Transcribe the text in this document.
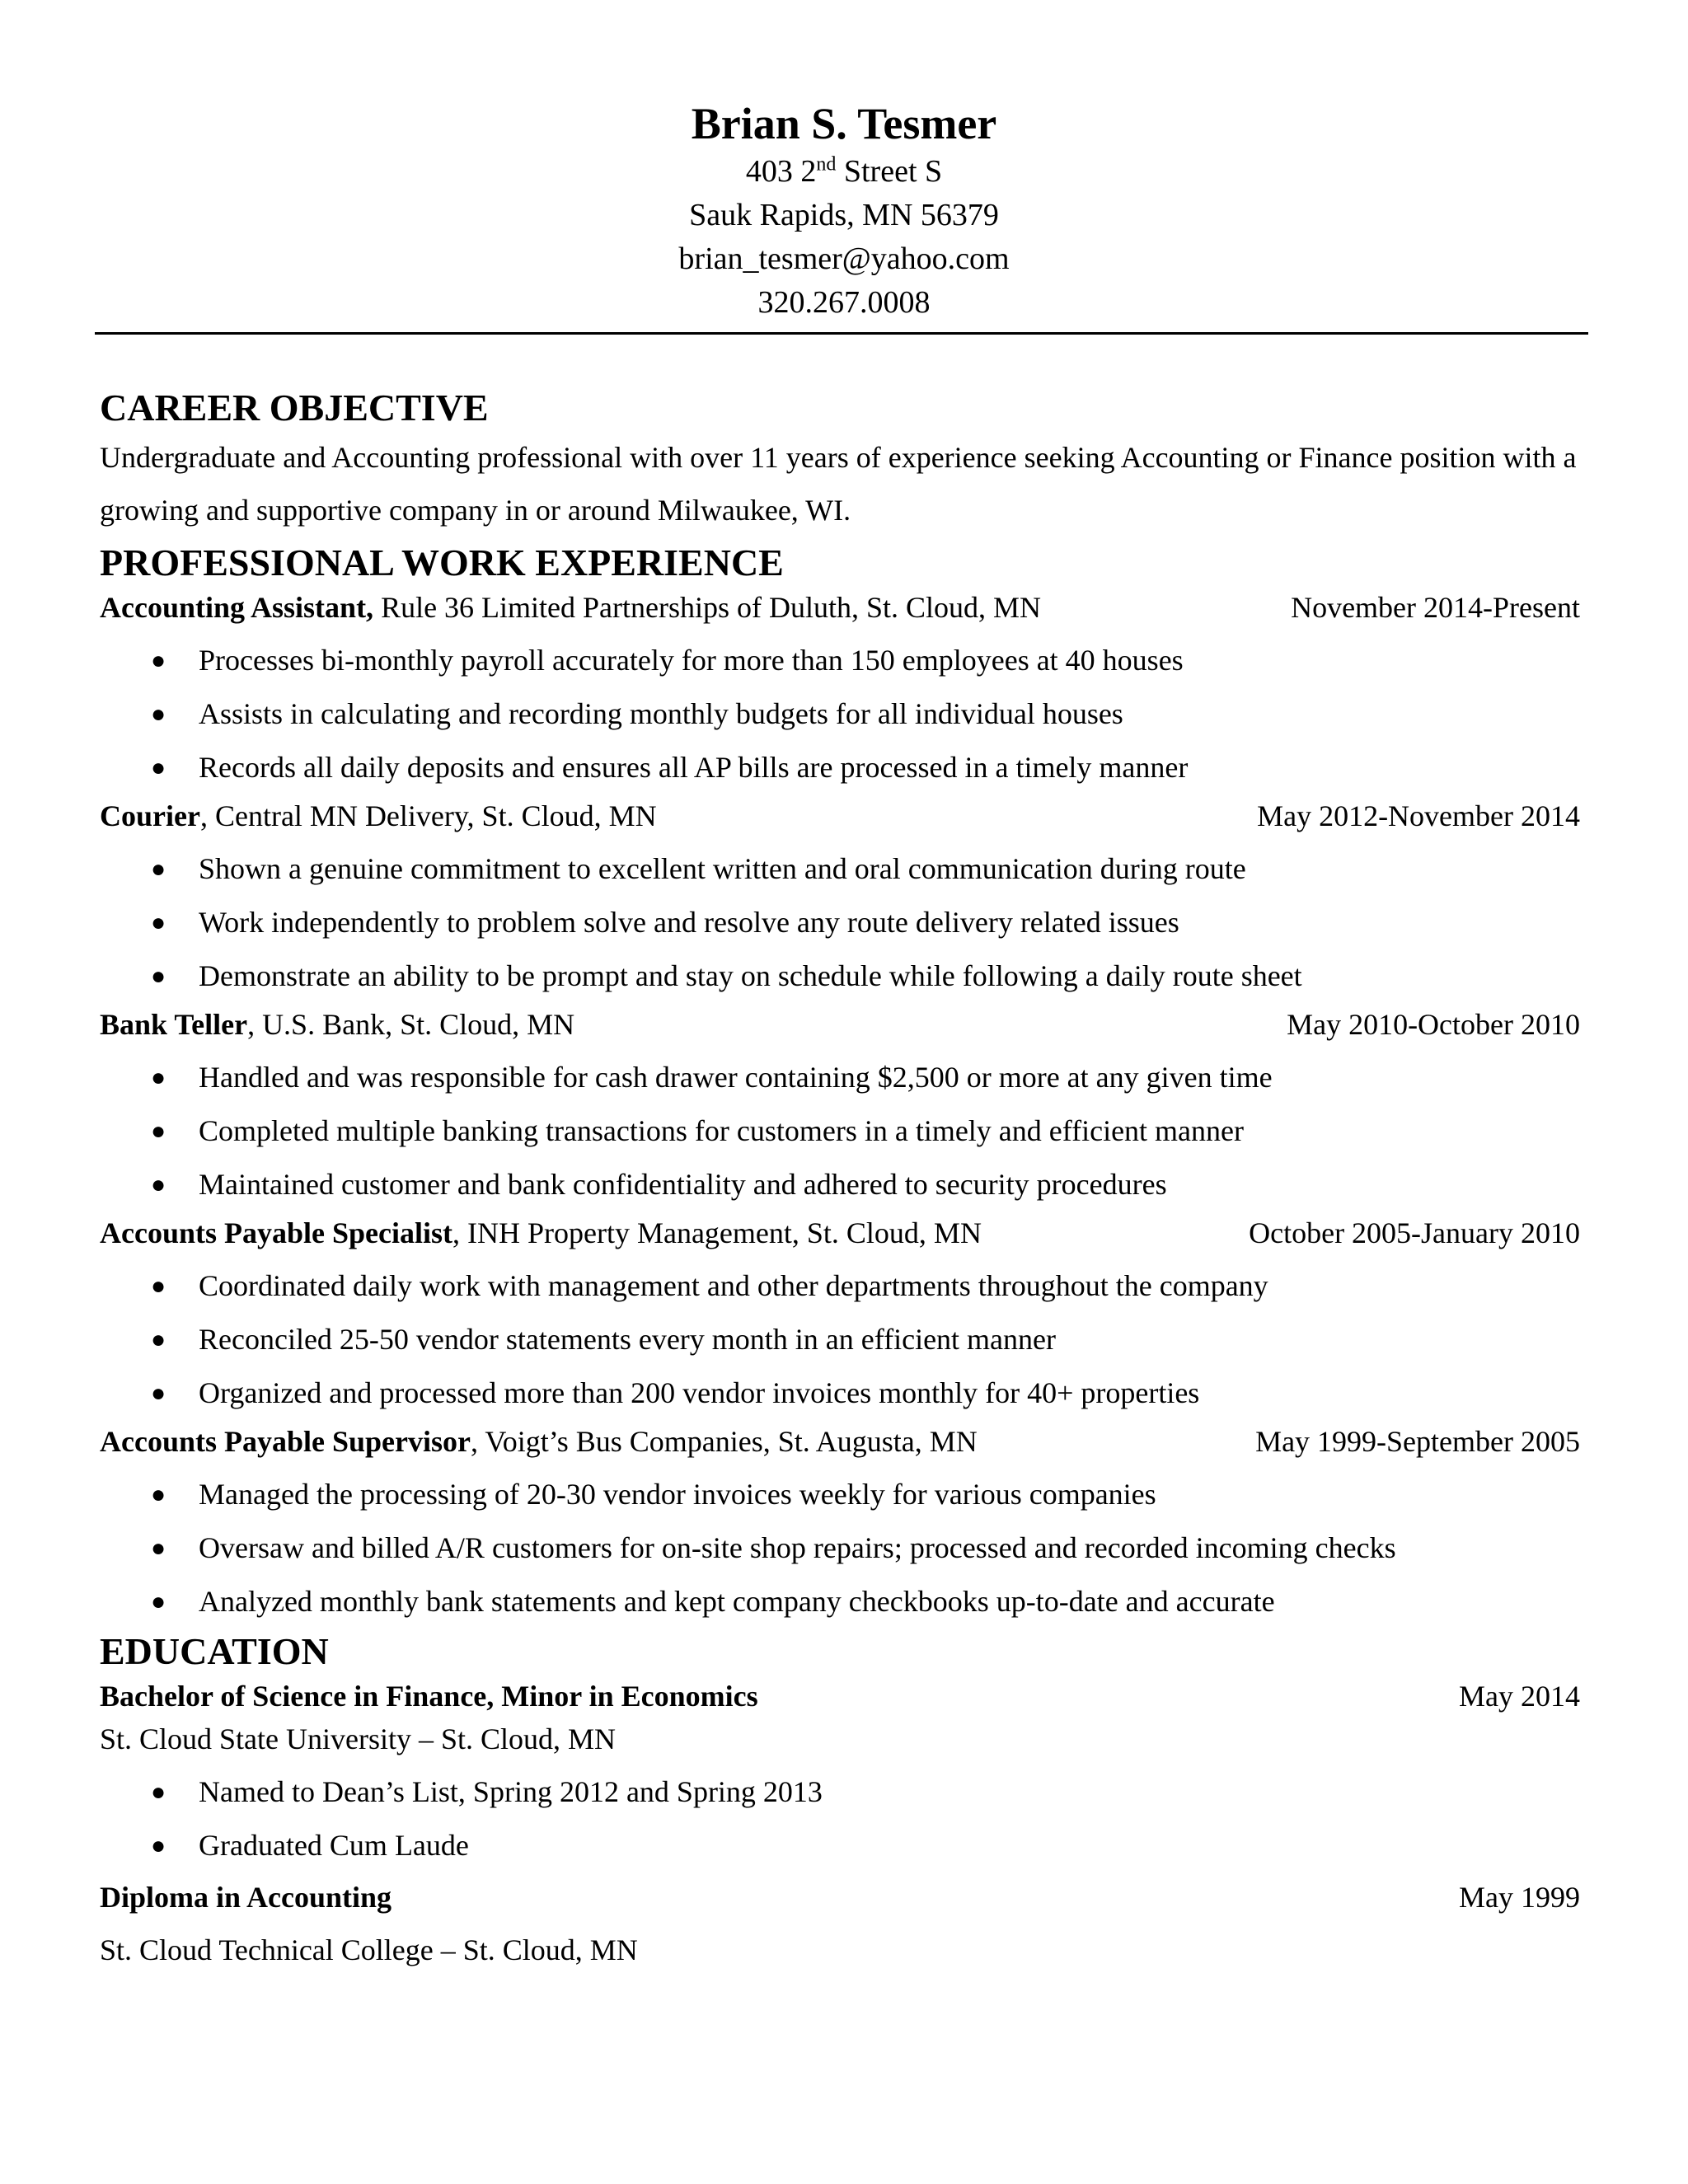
Brian S. Tesmer
403 2nd Street S
Sauk Rapids, MN 56379
brian_tesmer@yahoo.com
320.267.0008
CAREER OBJECTIVE

Undergraduate and Accounting professional with over 11 years of experience seeking Accounting or Finance position with a growing and supportive company in or around Milwaukee, WI.

PROFESSIONAL WORK EXPERIENCE
Accounting Assistant, Rule 36 Limited Partnerships of Duluth, St. Cloud, MN	November 2014-Present
● Processes bi-monthly payroll accurately for more than 150 employees at 40 houses
● Assists in calculating and recording monthly budgets for all individual houses
● Records all daily deposits and ensures all AP bills are processed in a timely manner
Courier, Central MN Delivery, St. Cloud, MN	May 2012-November 2014
● Shown a genuine commitment to excellent written and oral communication during route
● Work independently to problem solve and resolve any route delivery related issues
● Demonstrate an ability to be prompt and stay on schedule while following a daily route sheet
Bank Teller, U.S. Bank, St. Cloud, MN	May 2010-October 2010
● Handled and was responsible for cash drawer containing $2,500 or more at any given time
● Completed multiple banking transactions for customers in a timely and efficient manner
● Maintained customer and bank confidentiality and adhered to security procedures
Accounts Payable Specialist, INH Property Management, St. Cloud, MN	October 2005-January 2010
● Coordinated daily work with management and other departments throughout the company
● Reconciled 25-50 vendor statements every month in an efficient manner
● Organized and processed more than 200 vendor invoices monthly for 40+ properties
Accounts Payable Supervisor, Voigt’s Bus Companies, St. Augusta, MN	May 1999-September 2005
● Managed the processing of 20-30 vendor invoices weekly for various companies
● Oversaw and billed A/R customers for on-site shop repairs; processed and recorded incoming checks
● Analyzed monthly bank statements and kept company checkbooks up-to-date and accurate
EDUCATION
Bachelor of Science in Finance, Minor in Economics	May 2014
St. Cloud State University – St. Cloud, MN
● Named to Dean’s List, Spring 2012 and Spring 2013
● Graduated Cum Laude
Diploma in Accounting	May 1999
St. Cloud Technical College – St. Cloud, MN
